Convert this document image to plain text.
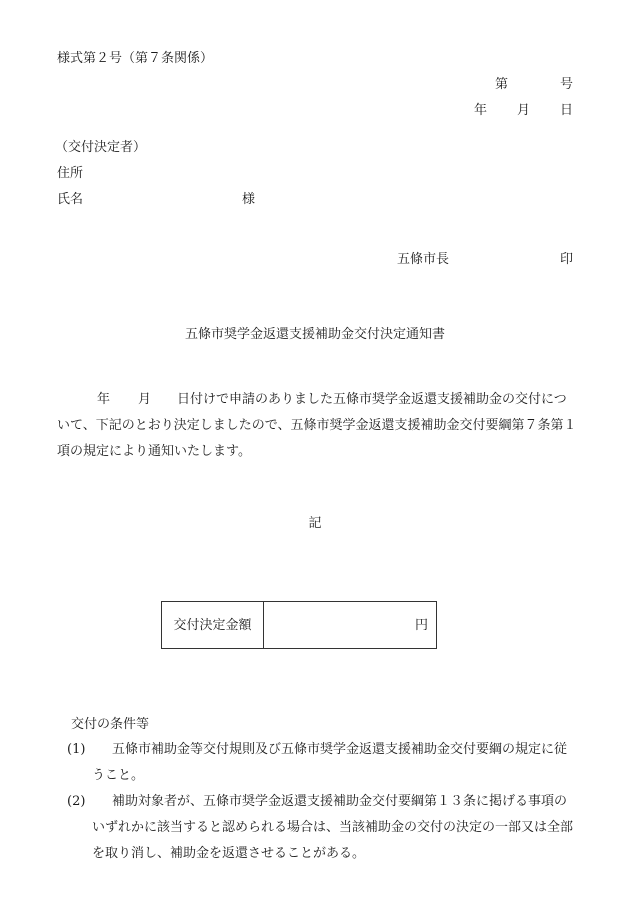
様式第２号（第７条関係）
第	号
年 月 日
（交付決定者）
住所
氏名	様
五條市長	印
五條市奨学金返還支援補助金交付決定通知書
年 月 日付けで申請のありました五條市奨学金返還支援補助金の交付について、下記のとおり決定しましたので、五條市奨学金返還支援補助金交付要綱第７条第１項の規定により通知いたします。
記
交付決定金額	円
交付の条件等
(1)	五條市補助金等交付規則及び五條市奨学金返還支援補助金交付要綱の規定に従うこと。
(2)	補助対象者が、五條市奨学金返還支援補助金交付要綱第１３条に掲げる事項のいずれかに該当すると認められる場合は、当該補助金の交付の決定の一部又は全部を取り消し、補助金を返還させることがある。
